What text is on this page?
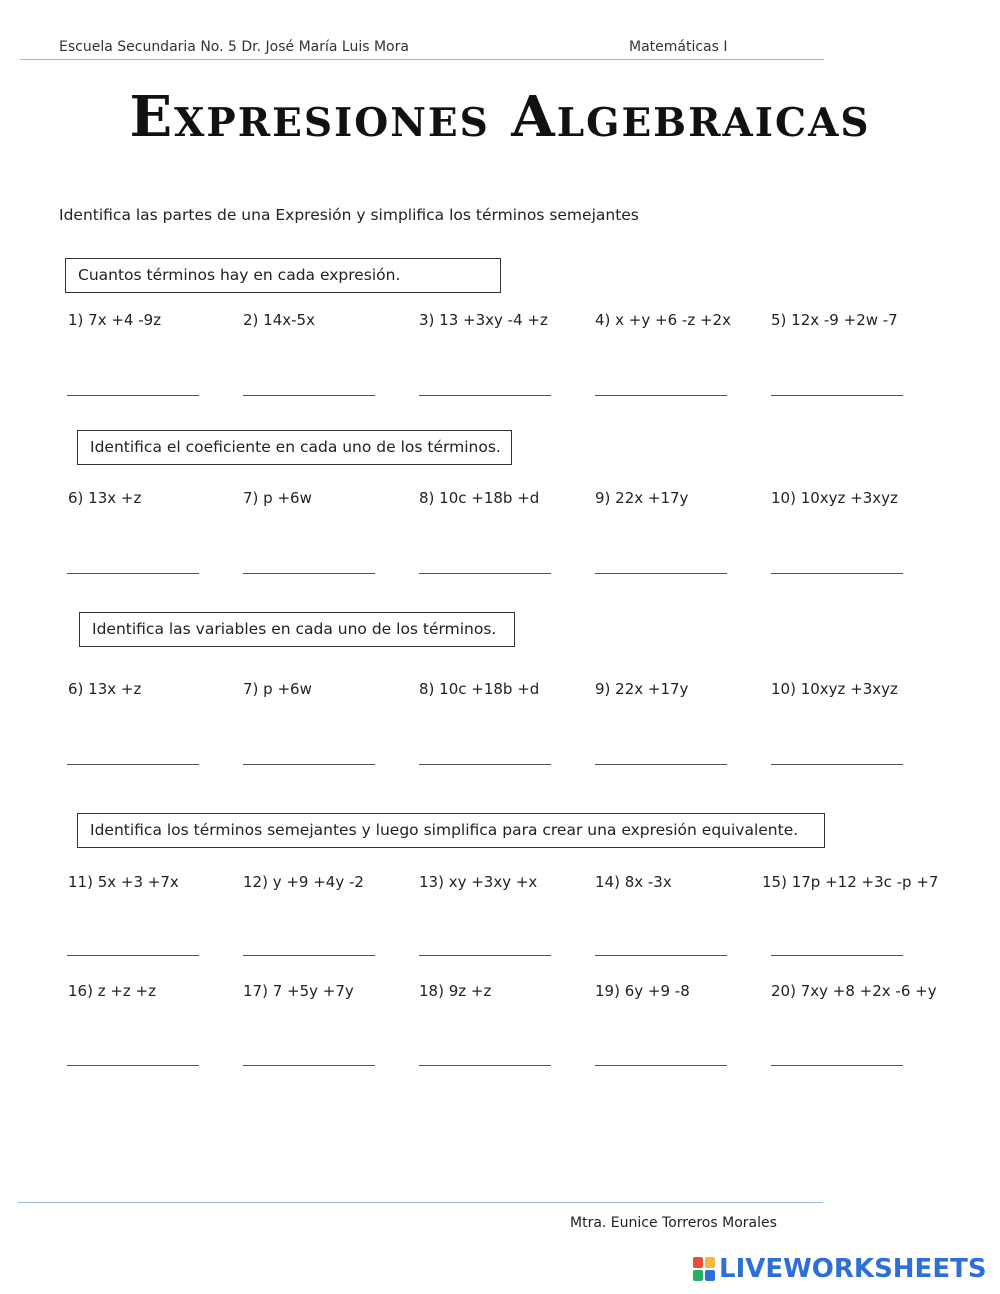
Escuela Secundaria No. 5 Dr. José María Luis Mora	Matemáticas I
Expresiones Algebraicas
Identifica las partes de una Expresión y simplifica los términos semejantes
Cuantos términos hay en cada expresión.
1) 7x +4 -9z	2) 14x-5x	3) 13 +3xy -4 +z	4) x +y +6 -z +2x	5) 12x -9 +2w -7
Identifica el coeficiente en cada uno de los términos.
6) 13x +z	7) p +6w	8) 10c +18b +d	9) 22x +17y	10) 10xyz +3xyz
Identifica las variables en cada uno de los términos.
6) 13x +z	7) p +6w	8) 10c +18b +d	9) 22x +17y	10) 10xyz +3xyz
Identifica los términos semejantes y luego simplifica para crear una expresión equivalente.
11) 5x +3 +7x	12) y +9 +4y -2	13) xy +3xy +x	14) 8x -3x	15) 17p +12 +3c -p +7
16) z +z +z	17) 7 +5y +7y	18) 9z +z	19) 6y +9 -8	20) 7xy +8 +2x -6 +y
Mtra. Eunice Torreros Morales
LIVEWORKSHEETS
